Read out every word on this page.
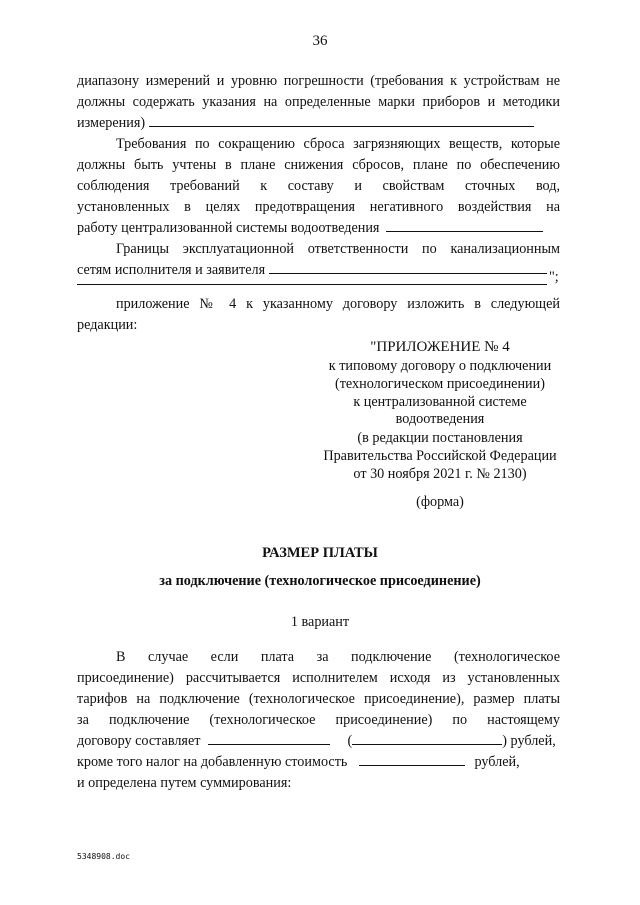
36
диапазону измерений и уровню погрешности (требования к устройствам не
должны содержать указания на определенные марки приборов и методики
измерения)
Требования по сокращению сброса загрязняющих веществ, которые
должны быть учтены в плане снижения сбросов, плане по обеспечению
соблюдения требований к составу и свойствам сточных вод,
установленных в целях предотвращения негативного воздействия на
работу централизованной системы водоотведения
Границы эксплуатационной ответственности по канализационным
сетям исполнителя и заявителя	";
приложение № 4 к указанному договору изложить в следующей
редакции:
"ПРИЛОЖЕНИЕ № 4
к типовому договору о подключении
(технологическом присоединении)
к централизованной системе
водоотведения
(в редакции постановления
Правительства Российской Федерации
от 30 ноября 2021 г. № 2130)
(форма)
РАЗМЕР ПЛАТЫ
за подключение (технологическое присоединение)
1 вариант
В случае если плата за подключение (технологическое
присоединение) рассчитывается исполнителем исходя из установленных
тарифов на подключение (технологическое присоединение), размер платы
за подключение (технологическое присоединение) по настоящему
договору составляет	(	) рублей,
кроме того налог на добавленную стоимость	рублей,
и определена путем суммирования:
5348908.doc
